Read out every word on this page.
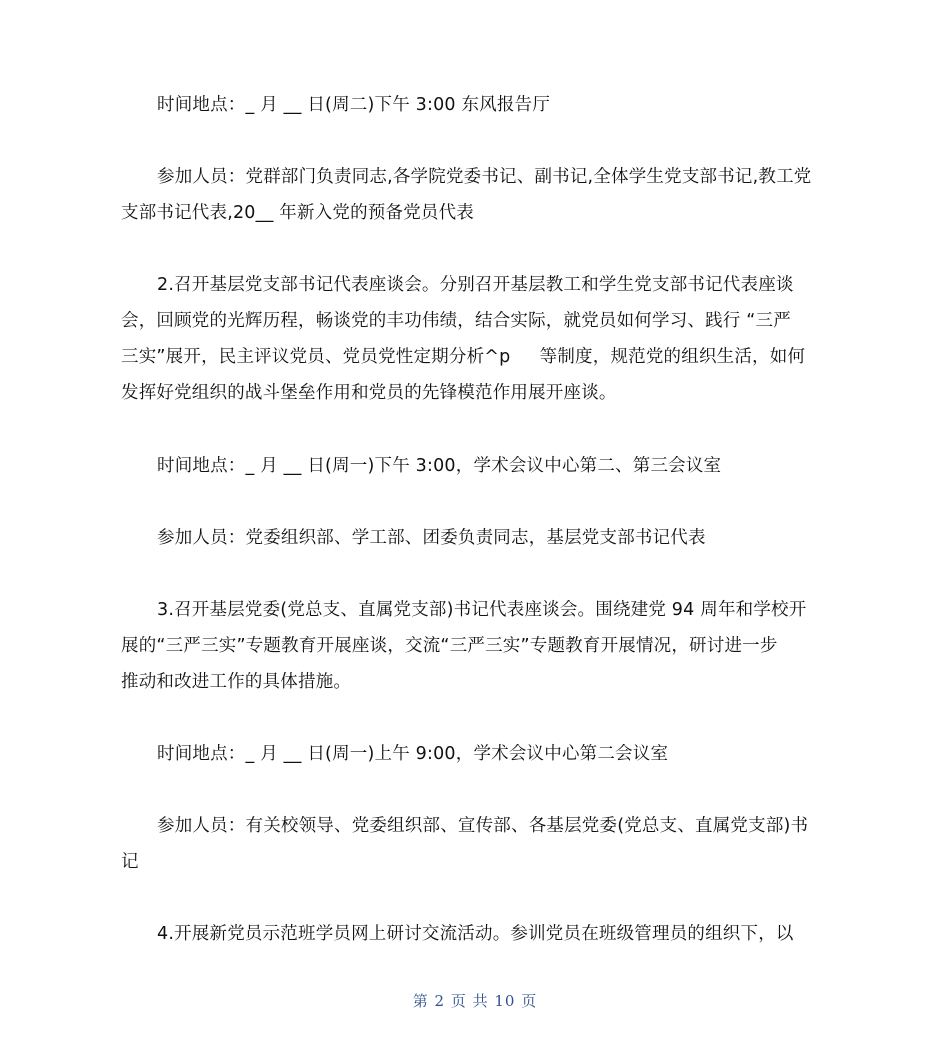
时间地点：_ 月 __ 日(周二)下午 3:00 东风报告厅

参加人员：党群部门负责同志,各学院党委书记、副书记,全体学生党支部书记,教工党
支部书记代表,20__ 年新入党的预备党员代表

2.召开基层党支部书记代表座谈会。分别召开基层教工和学生党支部书记代表座谈
会，回顾党的光辉历程，畅谈党的丰功伟绩，结合实际，就党员如何学习、践行 “三严
三实”展开，民主评议党员、党员党性定期分析^p 　 等制度，规范党的组织生活，如何
发挥好党组织的战斗堡垒作用和党员的先锋模范作用展开座谈。

时间地点：_ 月 __ 日(周一)下午 3:00，学术会议中心第二、第三会议室

参加人员：党委组织部、学工部、团委负责同志，基层党支部书记代表

3.召开基层党委(党总支、直属党支部)书记代表座谈会。围绕建党 94 周年和学校开
展的“三严三实”专题教育开展座谈，交流“三严三实”专题教育开展情况，研讨进一步
推动和改进工作的具体措施。

时间地点：_ 月 __ 日(周一)上午 9:00，学术会议中心第二会议室

参加人员：有关校领导、党委组织部、宣传部、各基层党委(党总支、直属党支部)书
记

4.开展新党员示范班学员网上研讨交流活动。参训党员在班级管理员的组织下，以

第 2 页 共 10 页
